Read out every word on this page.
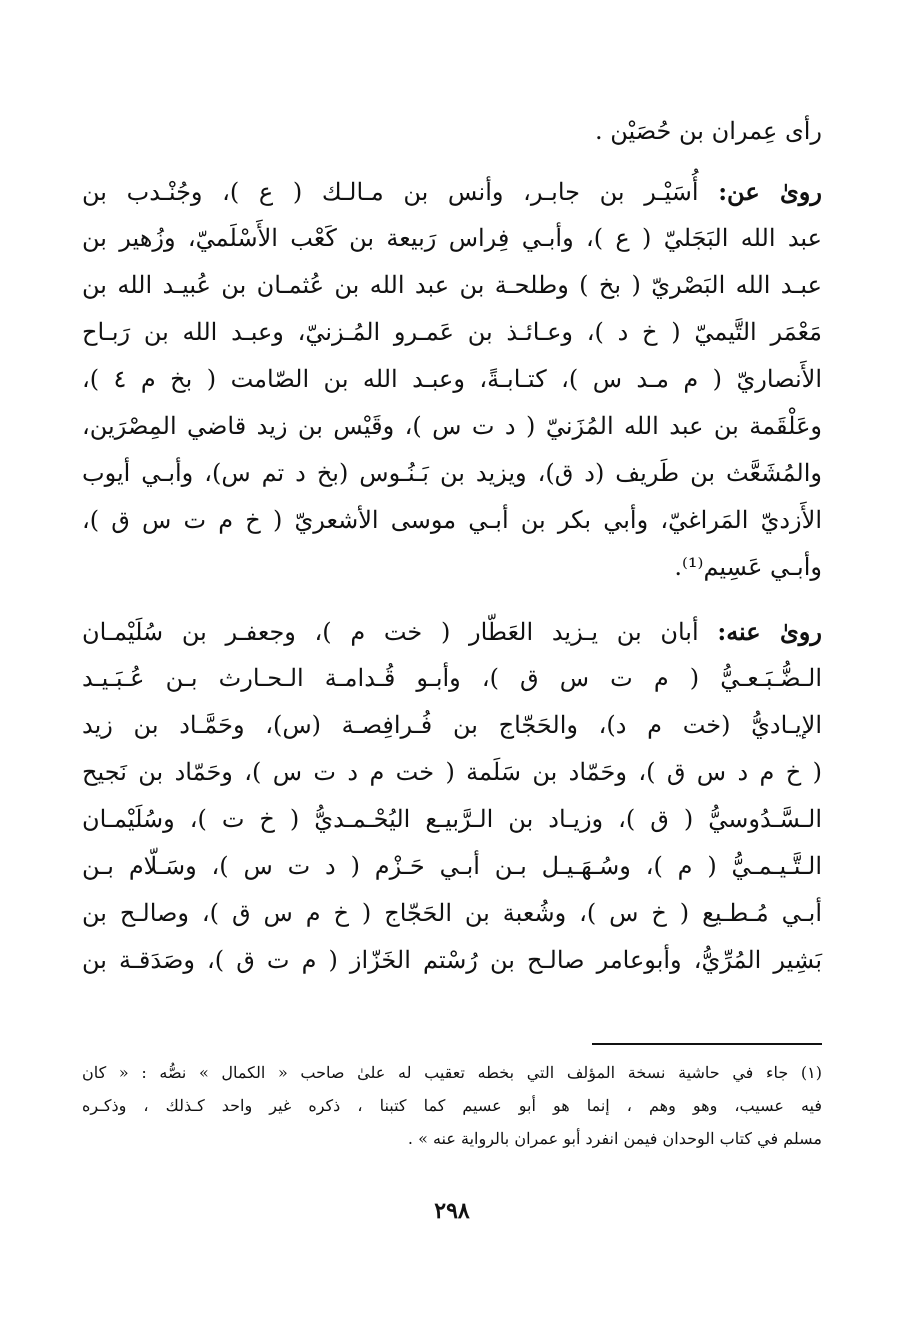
رأى عِمران بن حُصَيْن .
روىٰ عن: أُسَيْـر بن جابـر، وأنس بن مـالـك ( ع )، وجُنْـدب بن
عبد الله البَجَليّ ( ع )، وأبـي فِراس رَبيعة بن كَعْب الأَسْلَميّ، وزُهير بن
عبـد الله البَصْريّ ( بخ ) وطلحـة بن عبد الله بن عُثمـان بن عُبيـد الله بن
مَعْمَر التَّيميّ ( خ د )، وعـائـذ بن عَمـرو المُـزنيّ، وعبـد الله بن رَبـاح
الأَنصاريّ ( م مـد س )، كتـابـةً، وعبـد الله بن الصّامت ( بخ م ٤ )،
وعَلْقَمة بن عبد الله المُزَنيّ ( د ت س )، وقَيْس بن زيد قاضي المِصْرَين،
والمُشَعَّث بن طَريف (د ق)، ويزيد بن بَـنُـوس (بخ د تم س)، وأبـي أيوب
الأَزديّ المَراغيّ، وأبي بكر بن أبـي موسى الأشعريّ ( خ م ت س ق )،
وأبـي عَسِيم⁽¹⁾.
روىٰ عنه: أبان بن يـزيد العَطّار ( خت م )، وجعفـر بن سُلَيْمـان
الـضُّـبَـعـيُّ ( م ت س ق )، وأبـو قُـدامـة الـحـارث بـن عُـبَـيـد
الإيـاديُّ (خت م د)، والحَجّاج بن فُـرافِصـة (س)، وحَمَّـاد بن زيد
( خ م د س ق )، وحَمّاد بن سَلَمة ( خت م د ت س )، وحَمّاد بن نَجيح
الـسَّـدُوسيُّ ( ق )، وزيـاد بن الـرَّبيـع اليُحْـمـديُّ ( خ ت )، وسُلَيْمـان
الـتَّـيـمـيُّ ( م )، وسُـهَـيـل بـن أبـي حَـزْم ( د ت س )، وسَـلّام بـن
أبـي مُـطـيع ( خ س )، وشُعبة بن الحَجّاج ( خ م س ق )، وصالـح بن
بَشِير المُرِّيُّ، وأبوعامر صالـح بن رُسْتم الخَزّاز ( م ت ق )، وصَدَقـة بن
(١) جاء في حاشية نسخة المؤلف التي بخطه تعقيب له علىٰ صاحب « الكمال » نصُّه : « كان
فيه عسيب، وهو وهم ، إنما هو أبو عسيم كما كتبنا ، ذكره غير واحد كـذلك ، وذكـره
مسلم في كتاب الوحدان فيمن انفرد أبو عمران بالرواية عنه » .
٢٩٨
